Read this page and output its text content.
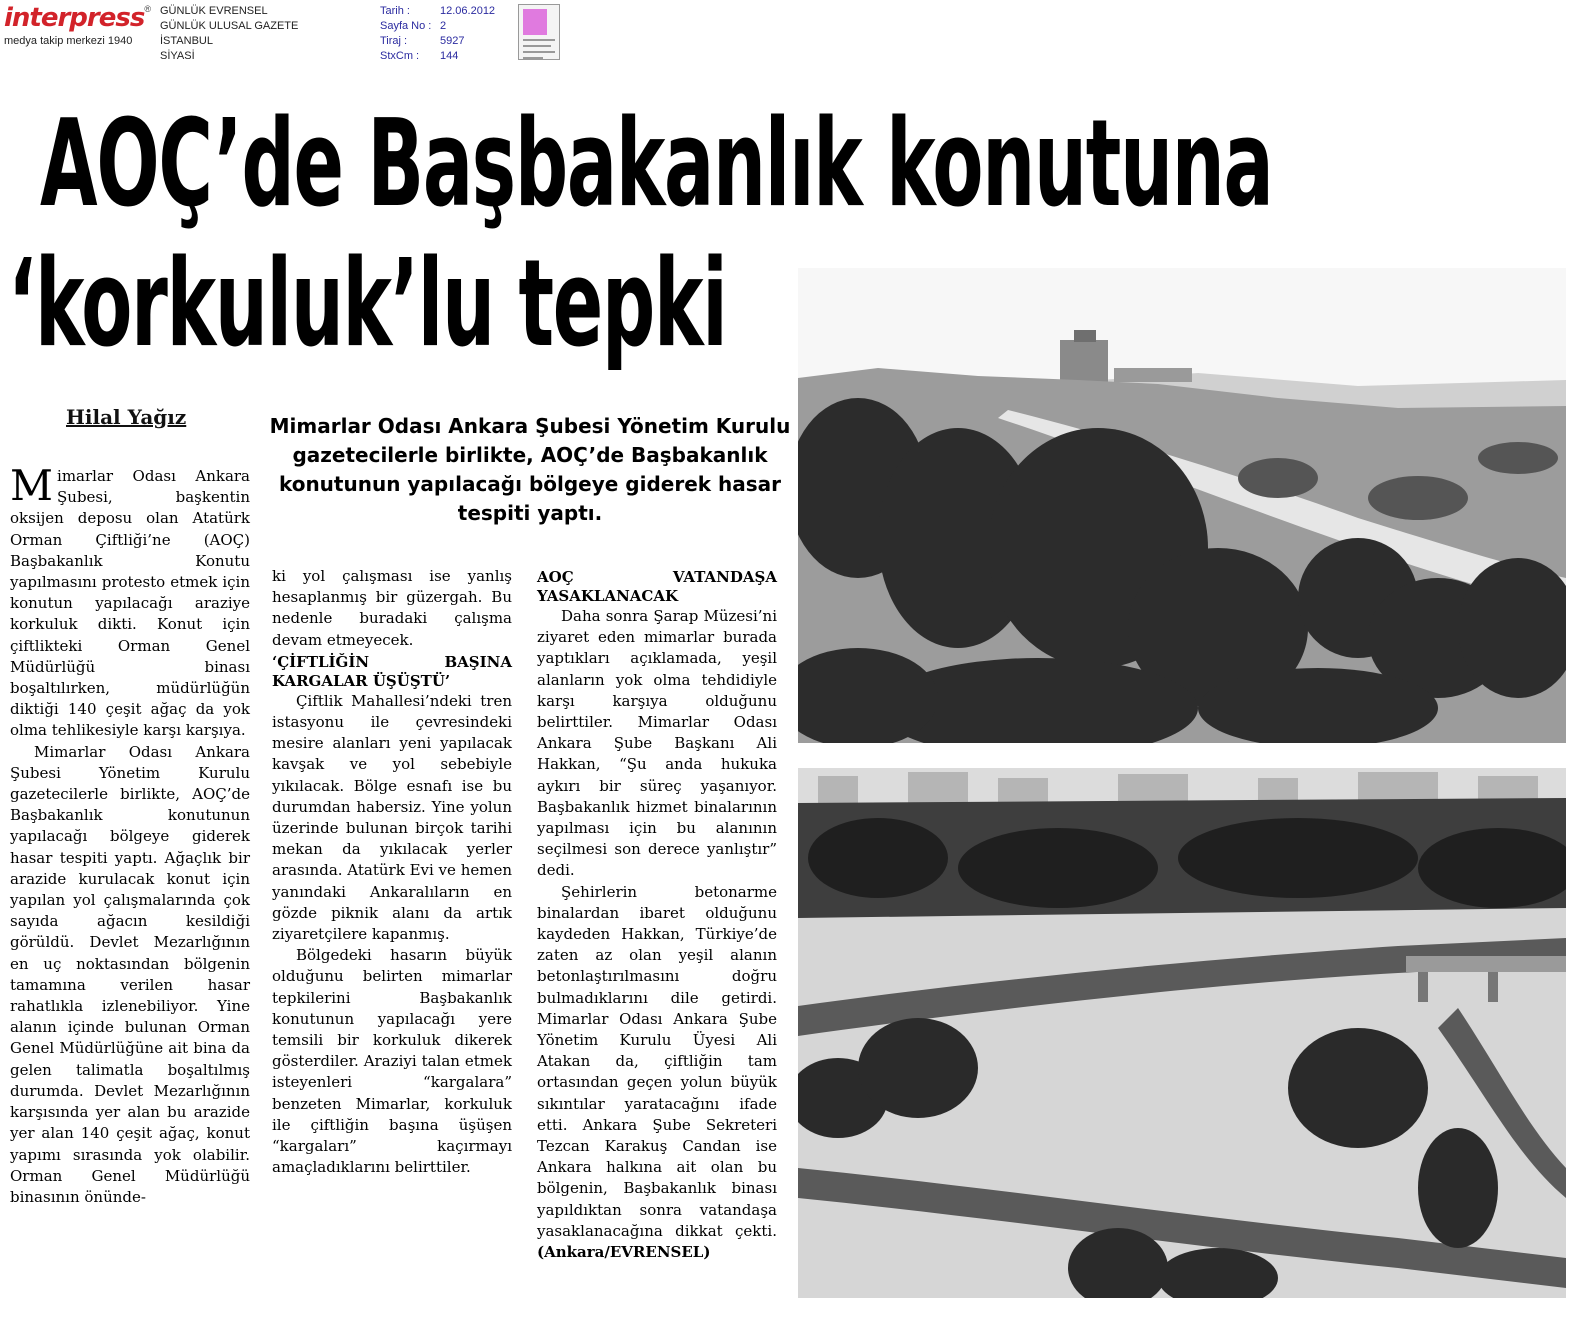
interpress®
medya takip merkezi 1940
GÜNLÜK EVRENSEL
GÜNLÜK ULUSAL GAZETE
İSTANBUL
SİYASİ
Tarih :	12.06.2012
Sayfa No : 2
Tiraj :	5927
StxCm :	144
AOÇ’de Başbakanlık konutuna
‘korkuluk’lu tepki
Hilal Yağız	Mimarlar Odası Ankara Şubesi Yönetim Kurulu gazetecilerle birlikte, AOÇ’de Başbakanlık konutunun yapılacağı bölgeye giderek hasar tespiti yaptı.

Mimarlar Odası Ankara Şubesi, başkentin oksijen deposu olan Atatürk Orman Çiftliği’ne (AOÇ) Başbakanlık Konutu yapılmasını protesto etmek için konutun yapılacağı araziye korkuluk dikti. Konut için çiftlikteki Orman Genel Müdürlüğü binası boşaltılırken, müdürlüğün diktiği 140 çeşit ağaç da yok olma tehlikesiyle karşı karşıya.

Mimarlar Odası Ankara Şubesi Yönetim Kurulu gazetecilerle birlikte, AOÇ’de Başbakanlık konutunun yapılacağı bölgeye giderek hasar tespiti yaptı. Ağaçlık bir arazide kurulacak konut için yapılan yol çalışmalarında çok sayıda ağacın kesildiği görüldü. Devlet Mezarlığının en uç noktasından bölgenin tamamına verilen hasar rahatlıkla izlenebiliyor. Yine alanın içinde bulunan Orman Genel Müdürlüğüne ait bina da gelen talimatla boşaltılmış durumda. Devlet Mezarlığının karşısında yer alan bu arazide yer alan 140 çeşit ağaç, konut yapımı sırasında yok olabilir. Orman Genel Müdürlüğü binasının önünde-

ki yol çalışması ise yanlış hesaplanmış bir güzergah. Bu nedenle buradaki çalışma devam etmeyecek.

‘ÇİFTLİĞİN BAŞINA KARGALAR ÜŞÜŞTÜ’

Çiftlik Mahallesi’ndeki tren istasyonu ile çevresindeki mesire alanları yeni yapılacak kavşak ve yol sebebiyle yıkılacak. Bölge esnafı ise bu durumdan habersiz. Yine yolun üzerinde bulunan birçok tarihi mekan da yıkılacak yerler arasında. Atatürk Evi ve hemen yanındaki Ankaralıların en gözde piknik alanı da artık ziyaretçilere kapanmış.

Bölgedeki hasarın büyük olduğunu belirten mimarlar tepkilerini Başbakanlık konutunun yapılacağı yere temsili bir korkuluk dikerek gösterdiler. Araziyi talan etmek isteyenleri “kargalara” benzeten Mimarlar, korkuluk ile çiftliğin başına üşüşen “kargaları” kaçırmayı amaçladıklarını belirttiler.

AOÇ VATANDAŞA YASAKLANACAK

Daha sonra Şarap Müzesi’ni ziyaret eden mimarlar burada yaptıkları açıklamada, yeşil alanların yok olma tehdidiyle karşı karşıya olduğunu belirttiler. Mimarlar Odası Ankara Şube Başkanı Ali Hakkan, “Şu anda hukuka aykırı bir süreç yaşanıyor. Başbakanlık hizmet binalarının yapılması için bu alanının seçilmesi son derece yanlıştır” dedi.

Şehirlerin betonarme binalardan ibaret olduğunu kaydeden Hakkan, Türkiye’de zaten az olan yeşil alanın betonlaştırılmasını doğru bulmadıklarını dile getirdi. Mimarlar Odası Ankara Şube Yönetim Kurulu Üyesi Ali Atakan da, çiftliğin tam ortasından geçen yolun büyük sıkıntılar yaratacağını ifade etti. Ankara Şube Sekreteri Tezcan Karakuş Candan ise Ankara halkına ait olan bu bölgenin, Başbakanlık binası yapıldıktan sonra vatandaşa yasaklanacağına dikkat çekti. (Ankara/EVRENSEL)
